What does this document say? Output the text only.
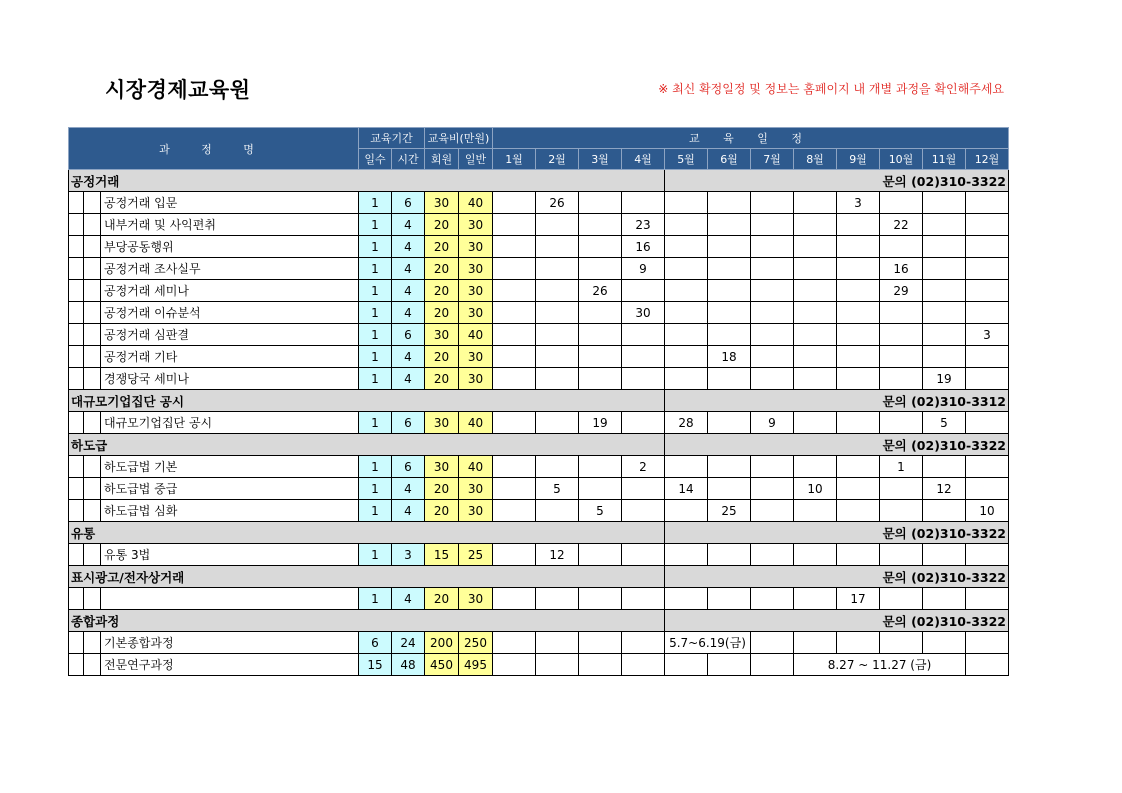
시장경제교육원	※ 최신 확정일정 및 정보는 홈페이지 내 개별 과정을 확인해주세요
과 정 명			교육기간		교육비(만원)		교 육 일 정											
			일수	시간	회원	일반	1월	2월	3월	4월	5월	6월	7월	8월	9월	10월	11월	12월
공정거래											문의 (02)310-3322							
		공정거래 입문	1	6	30	40		26							3			
		내부거래 및 사익편취	1	4	20	30				23						22		
		부당공동행위	1	4	20	30				16								
		공정거래 조사실무	1	4	20	30				9						16		
		공정거래 세미나	1	4	20	30			26							29		
		공정거래 이슈분석	1	4	20	30				30								
		공정거래 심판결	1	6	30	40												3
		공정거래 기타	1	4	20	30						18						
		경쟁당국 세미나	1	4	20	30											19	
대규모기업집단 공시											문의 (02)310-3312							
		대규모기업집단 공시	1	6	30	40			19		28		9				5	
하도급											문의 (02)310-3322							
		하도급법 기본	1	6	30	40				2						1		
		하도급법 중급	1	4	20	30		5			14			10			12	
		하도급법 심화	1	4	20	30			5			25						10
유통											문의 (02)310-3322							
		유통 3법	1	3	15	25		12										
표시광고/전자상거래											문의 (02)310-3322							
			1	4	20	30									17			
종합과정											문의 (02)310-3322							
		기본종합과정	6	24	200	250					5.7~6.19(금)							
		전문연구과정	15	48	450	495								8.27 ~ 11.27 (금)				
